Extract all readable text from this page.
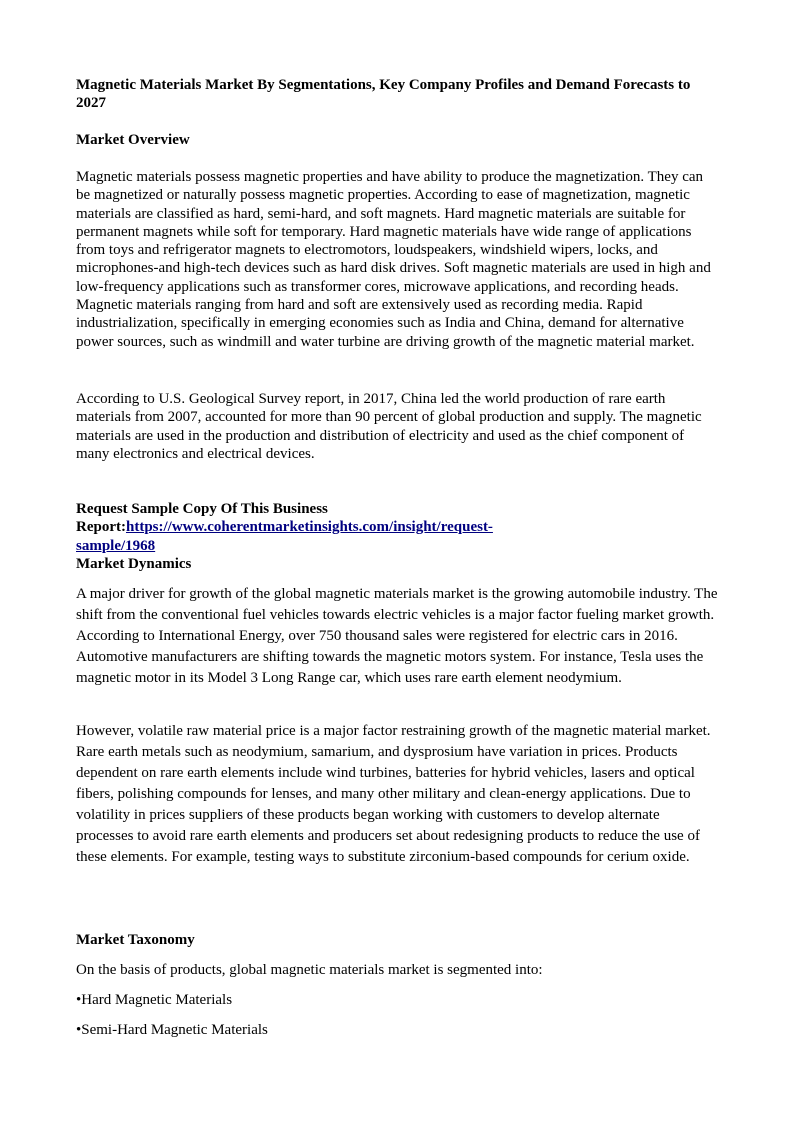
Magnetic Materials Market By Segmentations, Key Company Profiles and Demand Forecasts to 2027

Market Overview

Magnetic materials possess magnetic properties and have ability to produce the magnetization. They can be magnetized or naturally possess magnetic properties. According to ease of magnetization, magnetic materials are classified as hard, semi-hard, and soft magnets. Hard magnetic materials are suitable for permanent magnets while soft for temporary. Hard magnetic materials have wide range of applications from toys and refrigerator magnets to electromotors, loudspeakers, windshield wipers, locks, and microphones-and high-tech devices such as hard disk drives. Soft magnetic materials are used in high and low-frequency applications such as transformer cores, microwave applications, and recording heads. Magnetic materials ranging from hard and soft are extensively used as recording media. Rapid industrialization, specifically in emerging economies such as India and China, demand for alternative power sources, such as windmill and water turbine are driving growth of the magnetic material market.

According to U.S. Geological Survey report, in 2017, China led the world production of rare earth materials from 2007, accounted for more than 90 percent of global production and supply. The magnetic materials are used in the production and distribution of electricity and used as the chief component of many electronics and electrical devices.

Request Sample Copy Of This Business Report:https://www.coherentmarketinsights.com/insight/request-sample/1968

Market Dynamics

A major driver for growth of the global magnetic materials market is the growing automobile industry. The shift from the conventional fuel vehicles towards electric vehicles is a major factor fueling market growth. According to International Energy, over 750 thousand sales were registered for electric cars in 2016. Automotive manufacturers are shifting towards the magnetic motors system. For instance, Tesla uses the magnetic motor in its Model 3 Long Range car, which uses rare earth element neodymium.

However, volatile raw material price is a major factor restraining growth of the magnetic material market. Rare earth metals such as neodymium, samarium, and dysprosium have variation in prices. Products dependent on rare earth elements include wind turbines, batteries for hybrid vehicles, lasers and optical fibers, polishing compounds for lenses, and many other military and clean-energy applications. Due to volatility in prices suppliers of these products began working with customers to develop alternate processes to avoid rare earth elements and producers set about redesigning products to reduce the use of these elements. For example, testing ways to substitute zirconium-based compounds for cerium oxide.

Market Taxonomy

On the basis of products, global magnetic materials market is segmented into:

•Hard Magnetic Materials

•Semi-Hard Magnetic Materials
